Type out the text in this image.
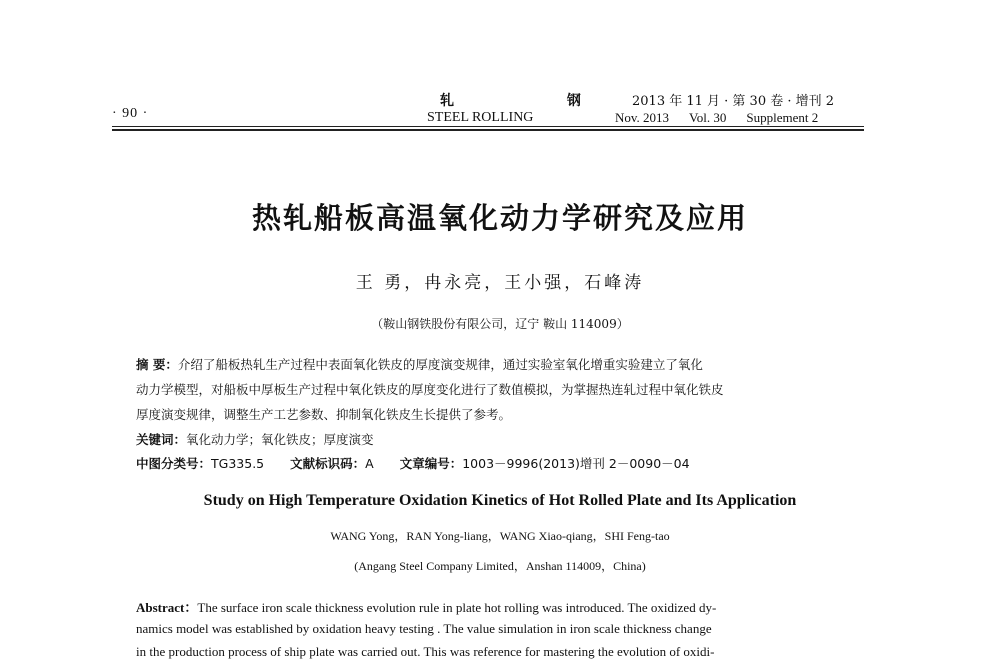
· 90 ·
轧 钢
STEEL ROLLING
2013 年 11 月 · 第 30 卷 · 增刊 2
Nov. 2013 Vol. 30 Supplement 2
热轧船板高温氧化动力学研究及应用
王 勇，冉永亮，王小强，石峰涛
（鞍山钢铁股份有限公司，辽宁 鞍山 114009）
摘 要：介绍了船板热轧生产过程中表面氧化铁皮的厚度演变规律，通过实验室氧化增重实验建立了氧化
动力学模型，对船板中厚板生产过程中氧化铁皮的厚度变化进行了数值模拟，为掌握热连轧过程中氧化铁皮
厚度演变规律，调整生产工艺参数、抑制氧化铁皮生长提供了参考。
关键词：氧化动力学；氧化铁皮；厚度演变
中图分类号：TG335.5 文献标识码：A 文章编号：1003－9996(2013)增刊 2－0090－04
Study on High Temperature Oxidation Kinetics of Hot Rolled Plate and Its Application
WANG Yong，RAN Yong-liang，WANG Xiao-qiang，SHI Feng-tao
(Angang Steel Company Limited，Anshan 114009，China)
Abstract：The surface iron scale thickness evolution rule in plate hot rolling was introduced. The oxidized dy-
namics model was established by oxidation heavy testing . The value simulation in iron scale thickness change
in the production process of ship plate was carried out. This was reference for mastering the evolution of oxidi-
